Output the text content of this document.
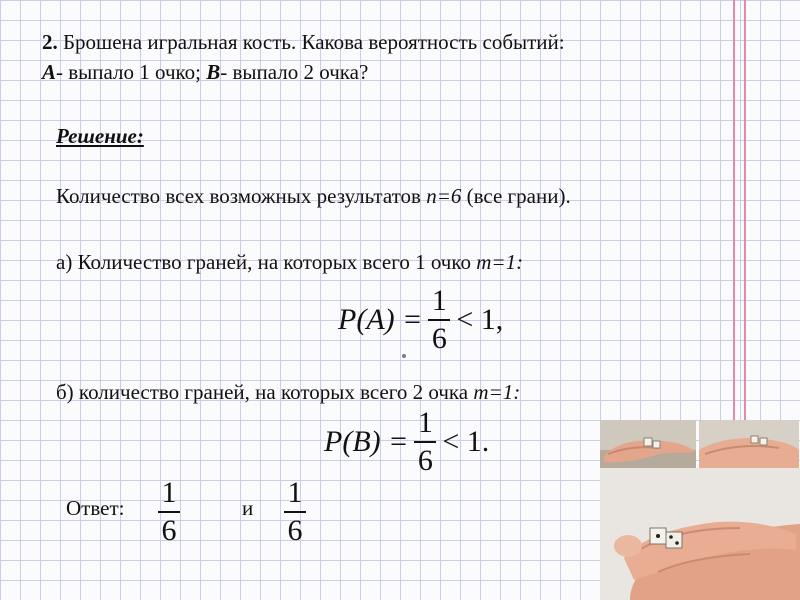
2. Брошена игральная кость. Какова вероятность событий:
A- выпало 1 очко; B- выпало 2 очка?
Решение:
Количество всех возможных результатов n=6 (все грани).
а) Количество граней, на которых всего 1 очко m=1:
$P(A) = \frac{1}{6} < 1$,
б) количество граней, на которых всего 2 очка m=1:
$P(B) = \frac{1}{6} < 1$.
Ответ: 1
6
и 1
6
